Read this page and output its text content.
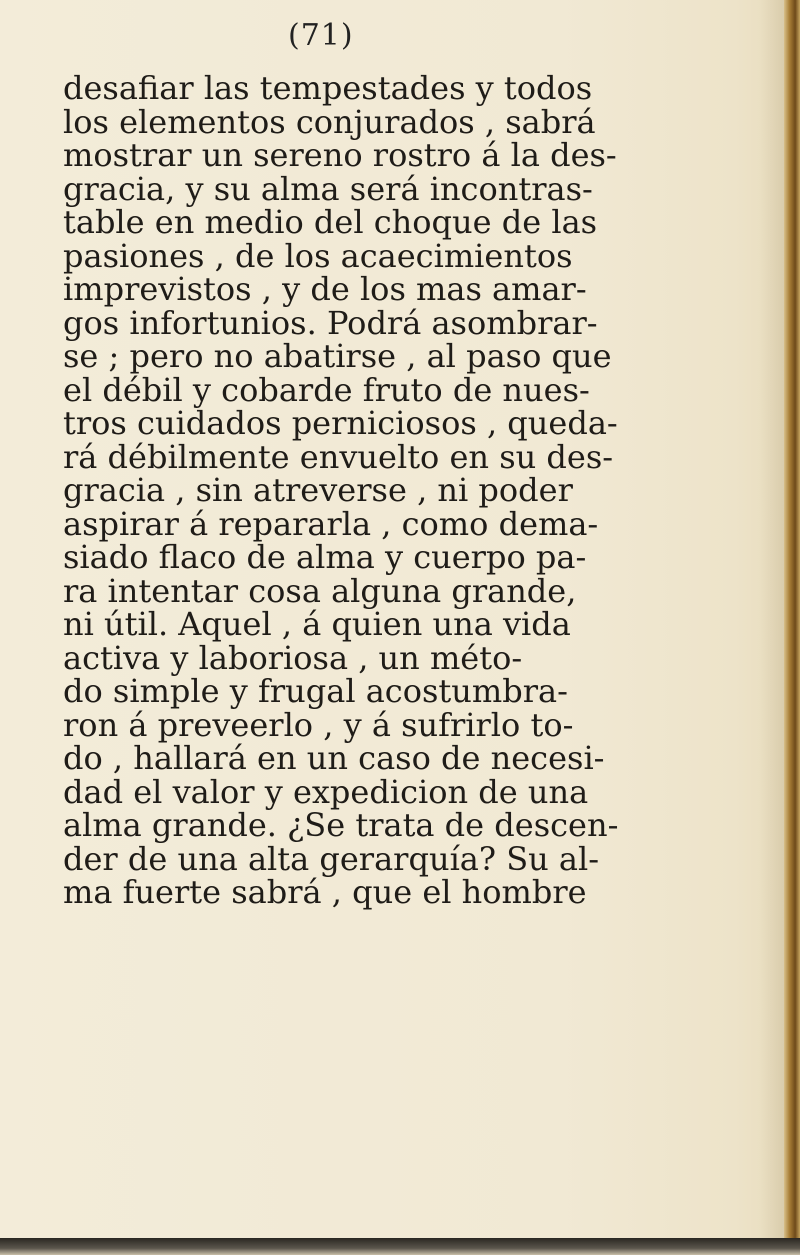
(71)
desafiar las tempestades y todos
los elementos conjurados , sabrá
mostrar un sereno rostro á la des-
gracia, y su alma será incontras-
table en medio del choque de las
pasiones , de los acaecimientos
imprevistos , y de los mas amar-
gos infortunios. Podrá asombrar-
se ; pero no abatirse , al paso que
el débil y cobarde fruto de nues-
tros cuidados perniciosos , queda-
rá débilmente envuelto en su des-
gracia , sin atreverse , ni poder
aspirar á repararla , como dema-
siado flaco de alma y cuerpo pa-
ra intentar cosa alguna grande,
ni útil. Aquel , á quien una vida
activa y laboriosa , un méto-
do simple y frugal acostumbra-
ron á preveerlo , y á sufrirlo to-
do , hallará en un caso de necesi-
dad el valor y expedicion de una
alma grande. ¿Se trata de descen-
der de una alta gerarquía? Su al-
ma fuerte sabrá , que el hombre
